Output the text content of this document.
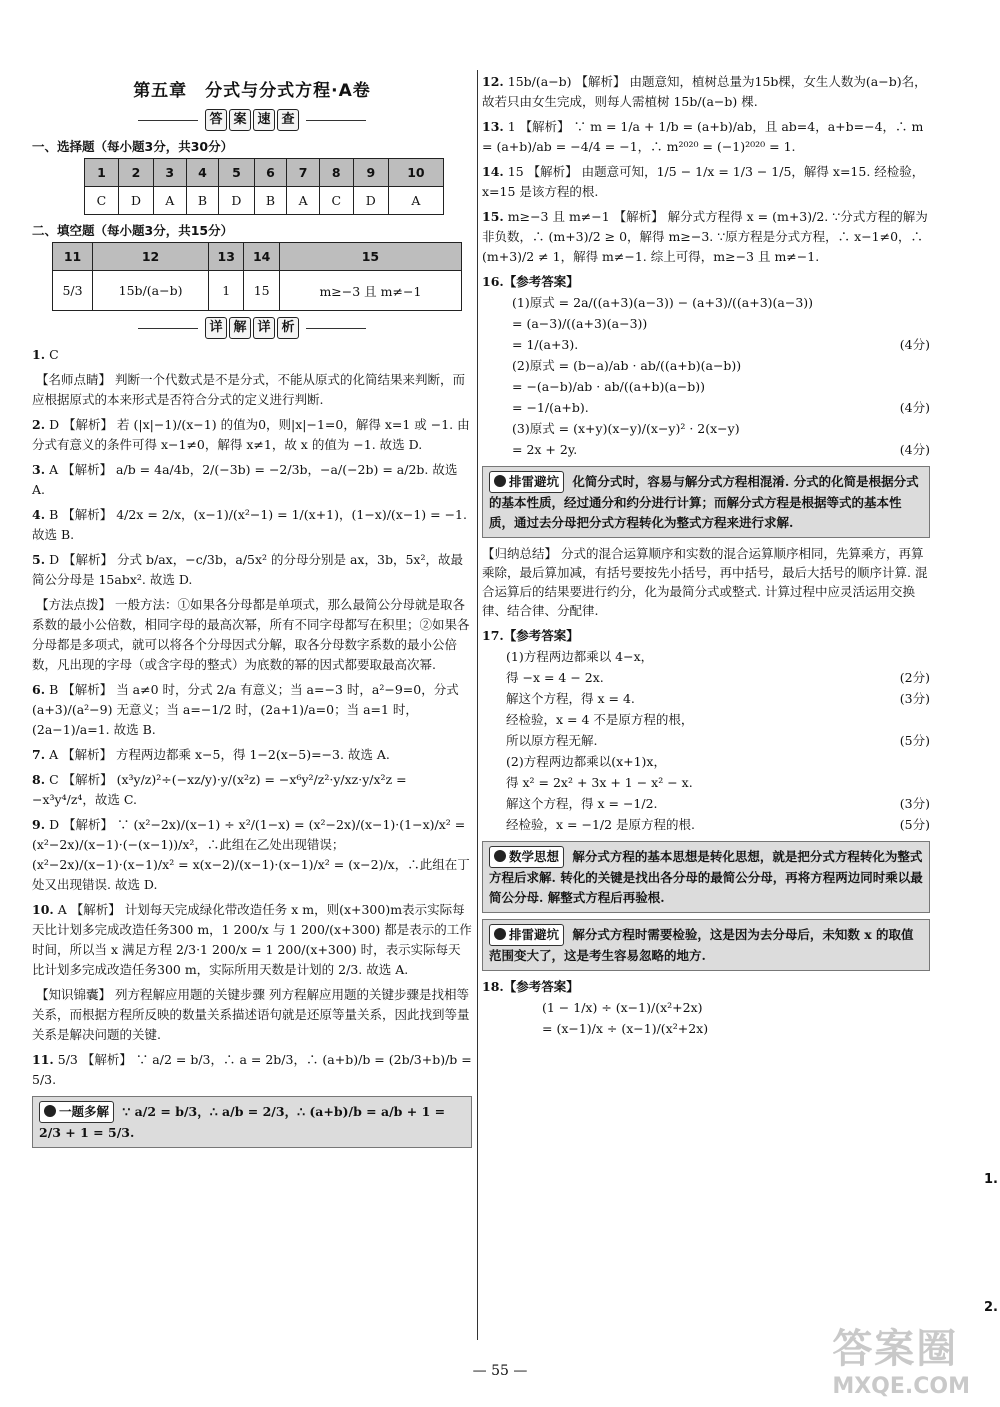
第五章　分式与分式方程·A卷
答 案 速 查
一、选择题（每小题3分，共30分）
1	2	3	4	5	6	7	8	9	10
C	D	A	B	D	B	A	C	D	A
二、填空题（每小题3分，共15分）
11	12	13	14	15
5/3	15b/(a−b)	1	15	m≥−3 且 m≠−1
详 解 详 析
1. C
【名师点睛】 判断一个代数式是不是分式，不能从原式的化简结果来判断，而应根据原式的本来形式是否符合分式的定义进行判断.
2. D 【解析】 若 (|x|−1)/(x−1) 的值为0，则|x|−1=0，解得 x=1 或 −1. 由分式有意义的条件可得 x−1≠0，解得 x≠1，故 x 的值为 −1. 故选 D.
3. A 【解析】 a/b = 4a/4b，2/(−3b) = −2/3b，−a/(−2b) = a/2b. 故选 A.
4. B 【解析】 4/2x = 2/x，(x−1)/(x²−1) = 1/(x+1)，(1−x)/(x−1) = −1. 故选 B.
5. D 【解析】 分式 b/ax，−c/3b，a/5x² 的分母分别是 ax，3b，5x²，故最简公分母是 15abx². 故选 D.
【方法点拨】 一般方法：①如果各分母都是单项式，那么最简公分母就是取各系数的最小公倍数，相同字母的最高次幂，所有不同字母都写在积里；②如果各分母都是多项式，就可以将各个分母因式分解，取各分母数字系数的最小公倍数，凡出现的字母（或含字母的整式）为底数的幂的因式都要取最高次幂.
6. B 【解析】 当 a≠0 时，分式 2/a 有意义；当 a=−3 时，a²−9=0，分式 (a+3)/(a²−9) 无意义；当 a=−1/2 时，(2a+1)/a=0；当 a=1 时，(2a−1)/a=1. 故选 B.
7. A 【解析】 方程两边都乘 x−5，得 1−2(x−5)=−3. 故选 A.
8. C 【解析】 (x³y/z)²÷(−xz/y)·y/(x²z) = −x⁶y²/z²·y/xz·y/x²z = −x³y⁴/z⁴，故选 C.
9. D 【解析】 ∵ (x²−2x)/(x−1) ÷ x²/(1−x) = (x²−2x)/(x−1)·(1−x)/x² = (x²−2x)/(x−1)·(−(x−1))/x²，∴此组在乙处出现错误；(x²−2x)/(x−1)·(x−1)/x² = x(x−2)/(x−1)·(x−1)/x² = (x−2)/x，∴此组在丁处又出现错误. 故选 D.
10. A 【解析】 计划每天完成绿化带改造任务 x m，则(x+300)m表示实际每天比计划多完成改造任务300 m，1 200/x 与 1 200/(x+300) 都是表示的工作时间，所以当 x 满足方程 2/3·1 200/x = 1 200/(x+300) 时，表示实际每天比计划多完成改造任务300 m，实际所用天数是计划的 2/3. 故选 A.
【知识锦囊】 列方程解应用题的关键步骤 列方程解应用题的关键步骤是找相等关系，而根据方程所反映的数量关系描述语句就是还原等量关系，因此找到等量关系是解决问题的关键.
11. 5/3 【解析】 ∵ a/2 = b/3，∴ a = 2b/3，∴ (a+b)/b = (2b/3+b)/b = 5/3.
一题多解 ∵ a/2 = b/3，∴ a/b = 2/3，∴ (a+b)/b = a/b + 1 = 2/3 + 1 = 5/3.
12. 15b/(a−b) 【解析】 由题意知，植树总量为15b棵，女生人数为(a−b)名，故若只由女生完成，则每人需植树 15b/(a−b) 棵.
13. 1 【解析】 ∵ m = 1/a + 1/b = (a+b)/ab，且 ab=4，a+b=−4，∴ m = (a+b)/ab = −4/4 = −1，∴ m²⁰²⁰ = (−1)²⁰²⁰ = 1.
14. 15 【解析】 由题意可知，1/5 − 1/x = 1/3 − 1/5，解得 x=15. 经检验，x=15 是该方程的根.
15. m≥−3 且 m≠−1 【解析】 解分式方程得 x = (m+3)/2. ∵分式方程的解为非负数，∴ (m+3)/2 ≥ 0，解得 m≥−3. ∵原方程是分式方程，∴ x−1≠0，∴ (m+3)/2 ≠ 1，解得 m≠−1. 综上可得，m≥−3 且 m≠−1.
16.【参考答案】
(1)原式 = 2a/((a+3)(a−3)) − (a+3)/((a+3)(a−3))
= (a−3)/((a+3)(a−3))
= 1/(a+3).	(4分)
(2)原式 = (b−a)/ab · ab/((a+b)(a−b))
= −(a−b)/ab · ab/((a+b)(a−b))
= −1/(a+b).	(4分)
(3)原式 = (x+y)(x−y)/(x−y)² · 2(x−y)
= 2x + 2y.	(4分)
排雷避坑 化简分式时，容易与解分式方程相混淆. 分式的化简是根据分式的基本性质，经过通分和约分进行计算；而解分式方程是根据等式的基本性质，通过去分母把分式方程转化为整式方程来进行求解.
【归纳总结】 分式的混合运算顺序和实数的混合运算顺序相同，先算乘方，再算乘除，最后算加减，有括号要按先小括号，再中括号，最后大括号的顺序计算. 混合运算后的结果要进行约分，化为最简分式或整式. 计算过程中应灵活运用交换律、结合律、分配律.
17.【参考答案】
(1)方程两边都乘以 4−x，
得 −x = 4 − 2x.	(2分)
解这个方程，得 x = 4.	(3分)
经检验，x = 4 不是原方程的根，
所以原方程无解.	(5分)
(2)方程两边都乘以(x+1)x，
得 x² = 2x² + 3x + 1 − x² − x.
解这个方程，得 x = −1/2.	(3分)
经检验，x = −1/2 是原方程的根.	(5分)
数学思想 解分式方程的基本思想是转化思想，就是把分式方程转化为整式方程后求解. 转化的关键是找出各分母的最简公分母，再将方程两边同时乘以最简公分母. 解整式方程后再验根.
排雷避坑 解分式方程时需要检验，这是因为去分母后，未知数 x 的取值范围变大了，这是考生容易忽略的地方.
18.【参考答案】
(1 − 1/x) ÷ (x−1)/(x²+2x)
= (x−1)/x ÷ (x−1)/(x²+2x)
1.
2.
— 55 —	答案圈
MXQE.COM
